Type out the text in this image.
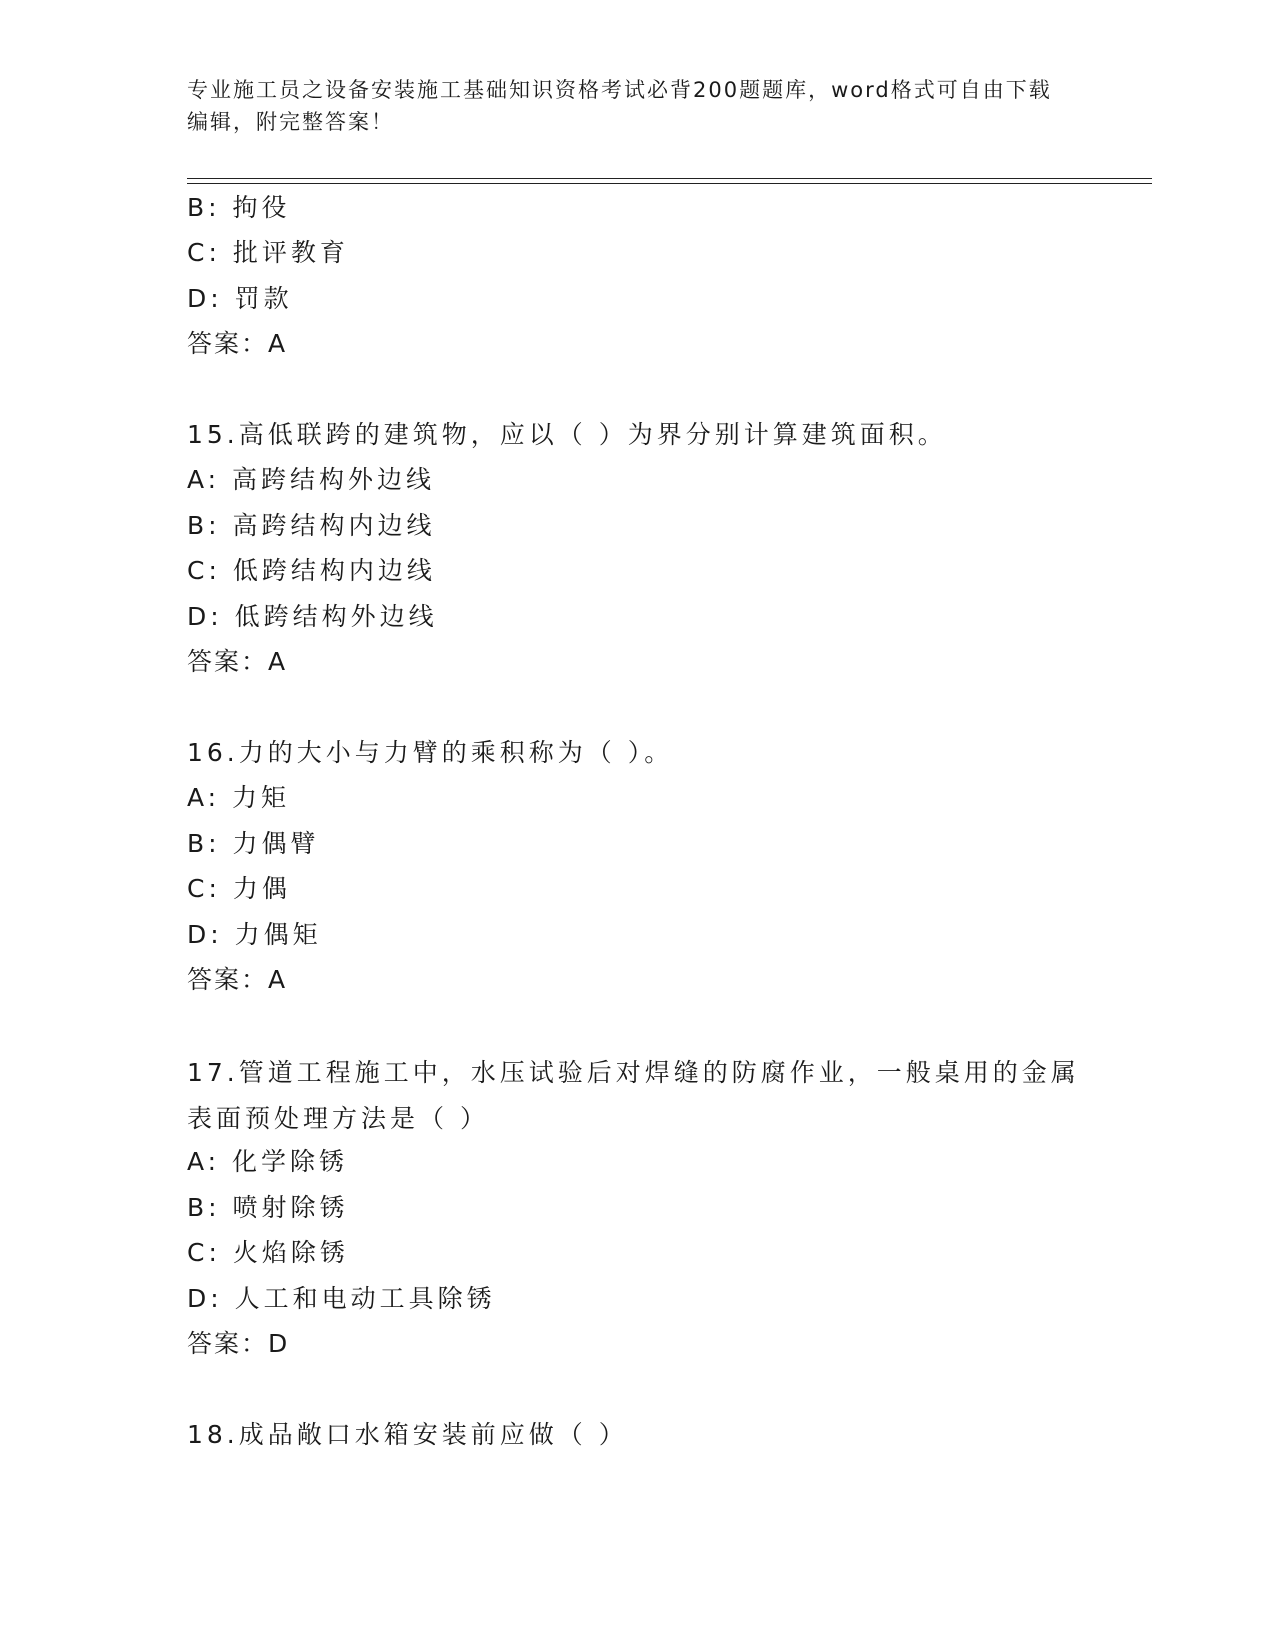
专业施工员之设备安装施工基础知识资格考试必背200题题库，word格式可自由下载编辑，附完整答案！
B: 拘役
C: 批评教育
D: 罚款
答案：A
15.高低联跨的建筑物，应以（ ）为界分别计算建筑面积。
A: 高跨结构外边线
B: 高跨结构内边线
C: 低跨结构内边线
D: 低跨结构外边线
答案：A
16.力的大小与力臂的乘积称为（ ）。
A: 力矩
B: 力偶臂
C: 力偶
D: 力偶矩
答案：A
17.管道工程施工中，水压试验后对焊缝的防腐作业，一般桌用的金属表面预处理方法是（ ）
A: 化学除锈
B: 喷射除锈
C: 火焰除锈
D: 人工和电动工具除锈
答案：D
18.成品敞口水箱安装前应做（ ）
